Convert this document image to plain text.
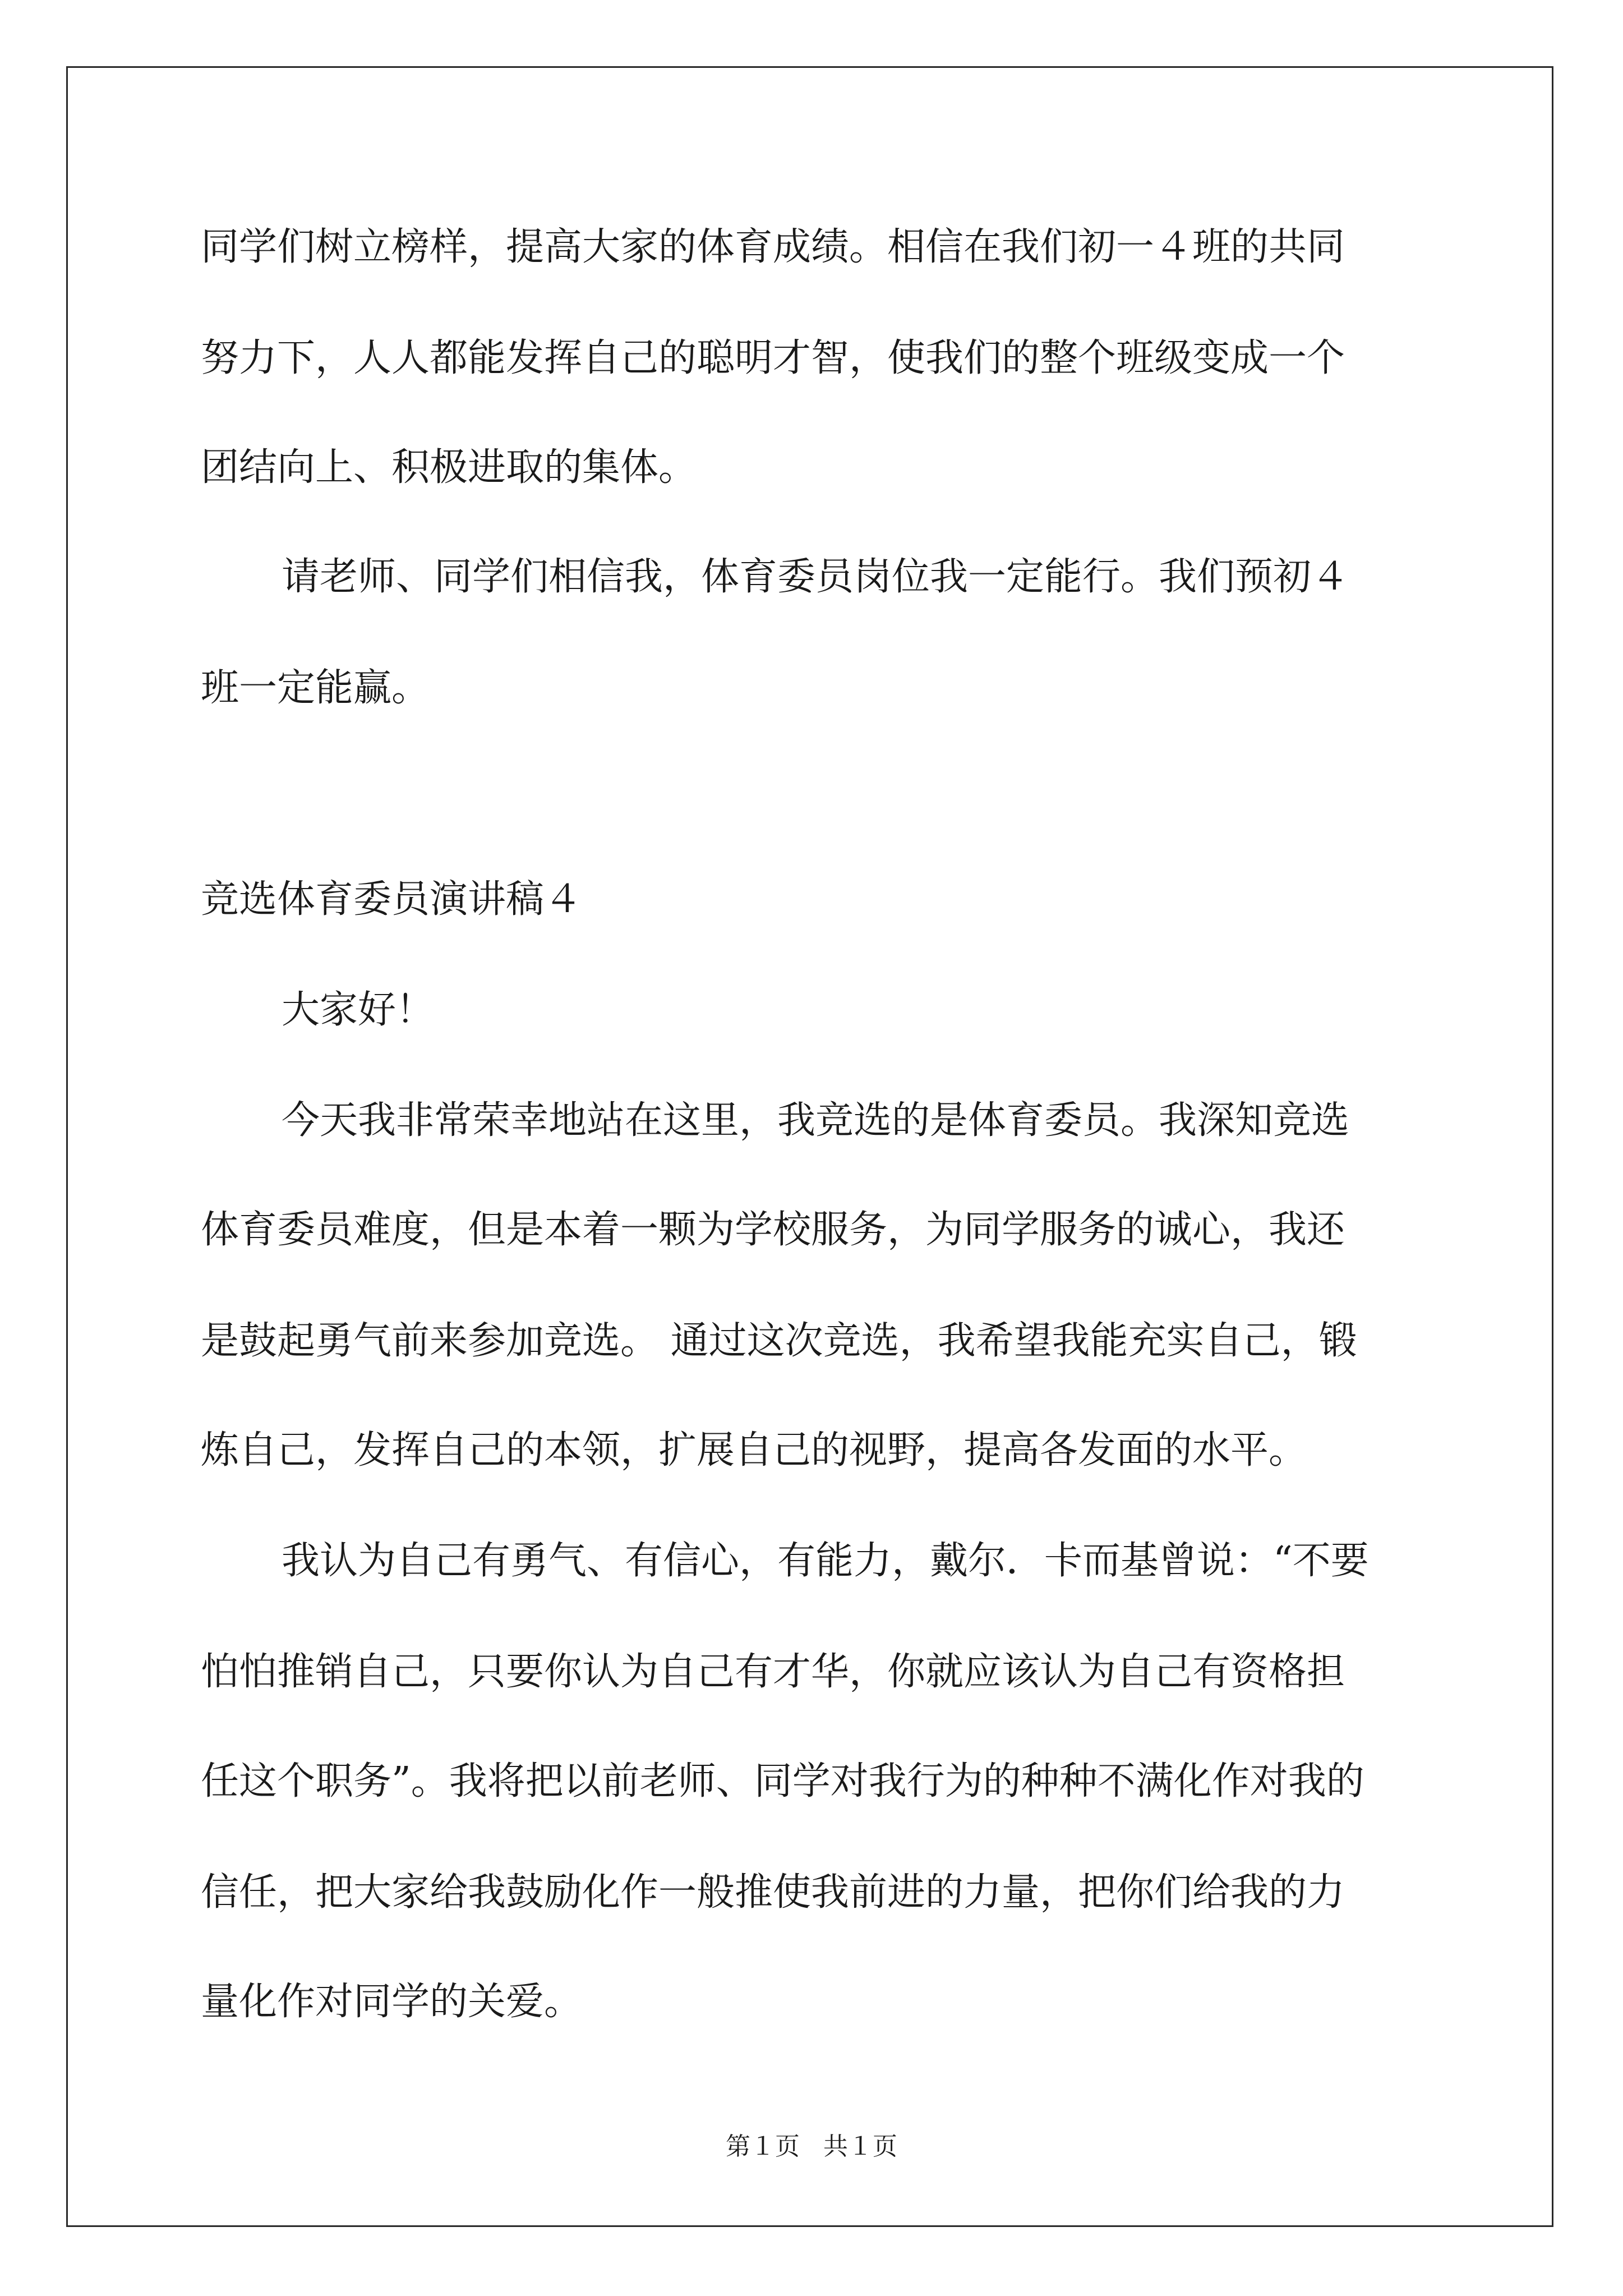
同学们树立榜样，提高大家的体育成绩。相信在我们初一４班的共同
努力下，人人都能发挥自己的聪明才智，使我们的整个班级变成一个
团结向上、积极进取的集体。
请老师、同学们相信我，体育委员岗位我一定能行。我们预初４
班一定能赢。
竞选体育委员演讲稿４
大家好！
今天我非常荣幸地站在这里，我竞选的是体育委员。我深知竞选
体育委员难度，但是本着一颗为学校服务，为同学服务的诚心，我还
是鼓起勇气前来参加竞选。 通过这次竞选，我希望我能充实自己，锻
炼自己，发挥自己的本领，扩展自己的视野，提高各发面的水平。
我认为自己有勇气、有信心，有能力，戴尔．卡而基曾说：“不要
怕怕推销自己，只要你认为自己有才华，你就应该认为自己有资格担
任这个职务”。我将把以前老师、同学对我行为的种种不满化作对我的
信任，把大家给我鼓励化作一般推使我前进的力量，把你们给我的力
量化作对同学的关爱。
第１页 共１页
